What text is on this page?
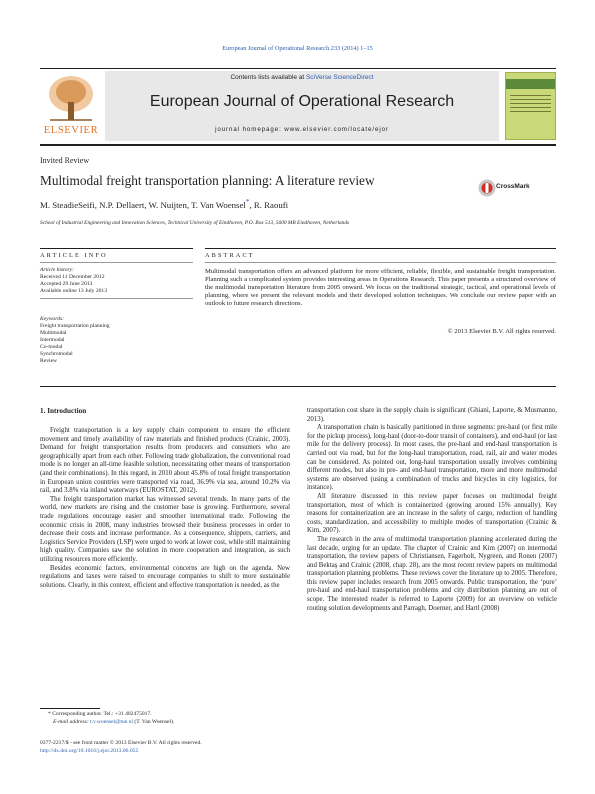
European Journal of Operational Research 233 (2014) 1–15
ELSEVIER
Contents lists available at SciVerse ScienceDirect
European Journal of Operational Research
journal homepage: www.elsevier.com/locate/ejor
Invited Review
Multimodal freight transportation planning: A literature review
M. SteadieSeifi, N.P. Dellaert, W. Nuijten, T. Van Woensel*, R. Raoufi
School of Industrial Engineering and Innovation Sciences, Technical University of Eindhoven, P.O. Box 513, 5600 MB Eindhoven, Netherlands
CrossMark
ARTICLE INFO	ABSTRACT
Article history:
Received 11 December 2012
Accepted 29 June 2013
Available online 13 July 2013
Keywords:
Freight transportation planning
Multimodal
Intermodal
Co-modal
Synchromodal
Review
Multimodal transportation offers an advanced platform for more efficient, reliable, flexible, and sustainable freight transportation. Planning such a complicated system provides interesting areas in Operations Research. This paper presents a structured overview of the multimodal transportation literature from 2005 onward. We focus on the traditional strategic, tactical, and operational levels of planning, where we present the relevant models and their developed solution techniques. We conclude our review paper with an outlook to future research directions.
© 2013 Elsevier B.V. All rights reserved.
1. Introduction

Freight transportation is a key supply chain component to ensure the efficient movement and timely availability of raw materials and finished products (Crainic, 2003). Demand for freight transportation results from producers and consumers who are geographically apart from each other. Following trade globalization, the conventional road mode is no longer an all-time feasible solution, necessitating other means of transportation (and their combinations). In this regard, in 2010 about 45.8% of total freight transportation in European union countries were transported via road, 36.9% via sea, around 10.2% via rail, and 3.8% via inland waterways (EUROSTAT, 2012).

The freight transportation market has witnessed several trends. In many parts of the world, new markets are rising and the customer base is growing. Furthermore, several trade regulations encourage easier and smoother international trade. Following the economic crisis in 2008, many industries browsed their business processes in order to decrease their costs and increase performance. As a consequence, shippers, carriers, and Logistics Service Providers (LSP) were urged to work at lower cost, while still maintaining high quality. Companies saw the solution in more cooperation and integration, as such utilizing resources more efficiently.

Besides economic factors, environmental concerns are high on the agenda. New regulations and taxes were raised to encourage companies to shift to more sustainable solutions. Clearly, in this context, efficient and effective transportation is needed, as the

transportation cost share in the supply chain is significant (Ghiani, Laporte, & Musmanno, 2013).

A transportation chain is basically partitioned in three segments: pre-haul (or first mile for the pickup process), long-haul (door-to-door transit of containers), and end-haul (or last mile for the delivery process). In most cases, the pre-haul and end-haul transportation is carried out via road, but for the long-haul transportation, road, rail, air and water modes can be considered. As pointed out, long-haul transportation usually involves combining different modes, but also in pre- and end-haul transportation, more and more multimodal systems are observed (using a combination of trucks and bicycles in city logistics, for instance).

All literature discussed in this review paper focuses on multimodal freight transportation, most of which is containerized (growing around 15% annually). Key reasons for containerization are an increase in the safety of cargo, reduction of handling costs, standardization, and accessibility to multiple modes of transportation (Crainic & Kim, 2007).

The research in the area of multimodal transportation planning accelerated during the last decade, urging for an update. The chapter of Crainic and Kim (2007) on intermodal transportation, the review papers of Christiansen, Fagerholt, Nygreen, and Ronen (2007) and Bektaş and Crainic (2008, chap. 28), are the most recent review papers on multimodal transportation planning problems. These reviews cover the literature up to 2005. Therefore, this review paper includes research from 2005 onwards. Public transportation, the ‘pure’ pre-haul and end-haul transportation problems and city distribution planning are out of scope. The interested reader is referred to Laporte (2009) for an overview on vehicle routing solution developments and Parragh, Doerner, and Hartl (2008)

* Corresponding author. Tel.: +31 402475017.
E-mail address: t.v.woensel@tue.nl (T. Van Woensel).
0377-2217/$ - see front matter © 2013 Elsevier B.V. All rights reserved.
http://dx.doi.org/10.1016/j.ejor.2013.06.055
